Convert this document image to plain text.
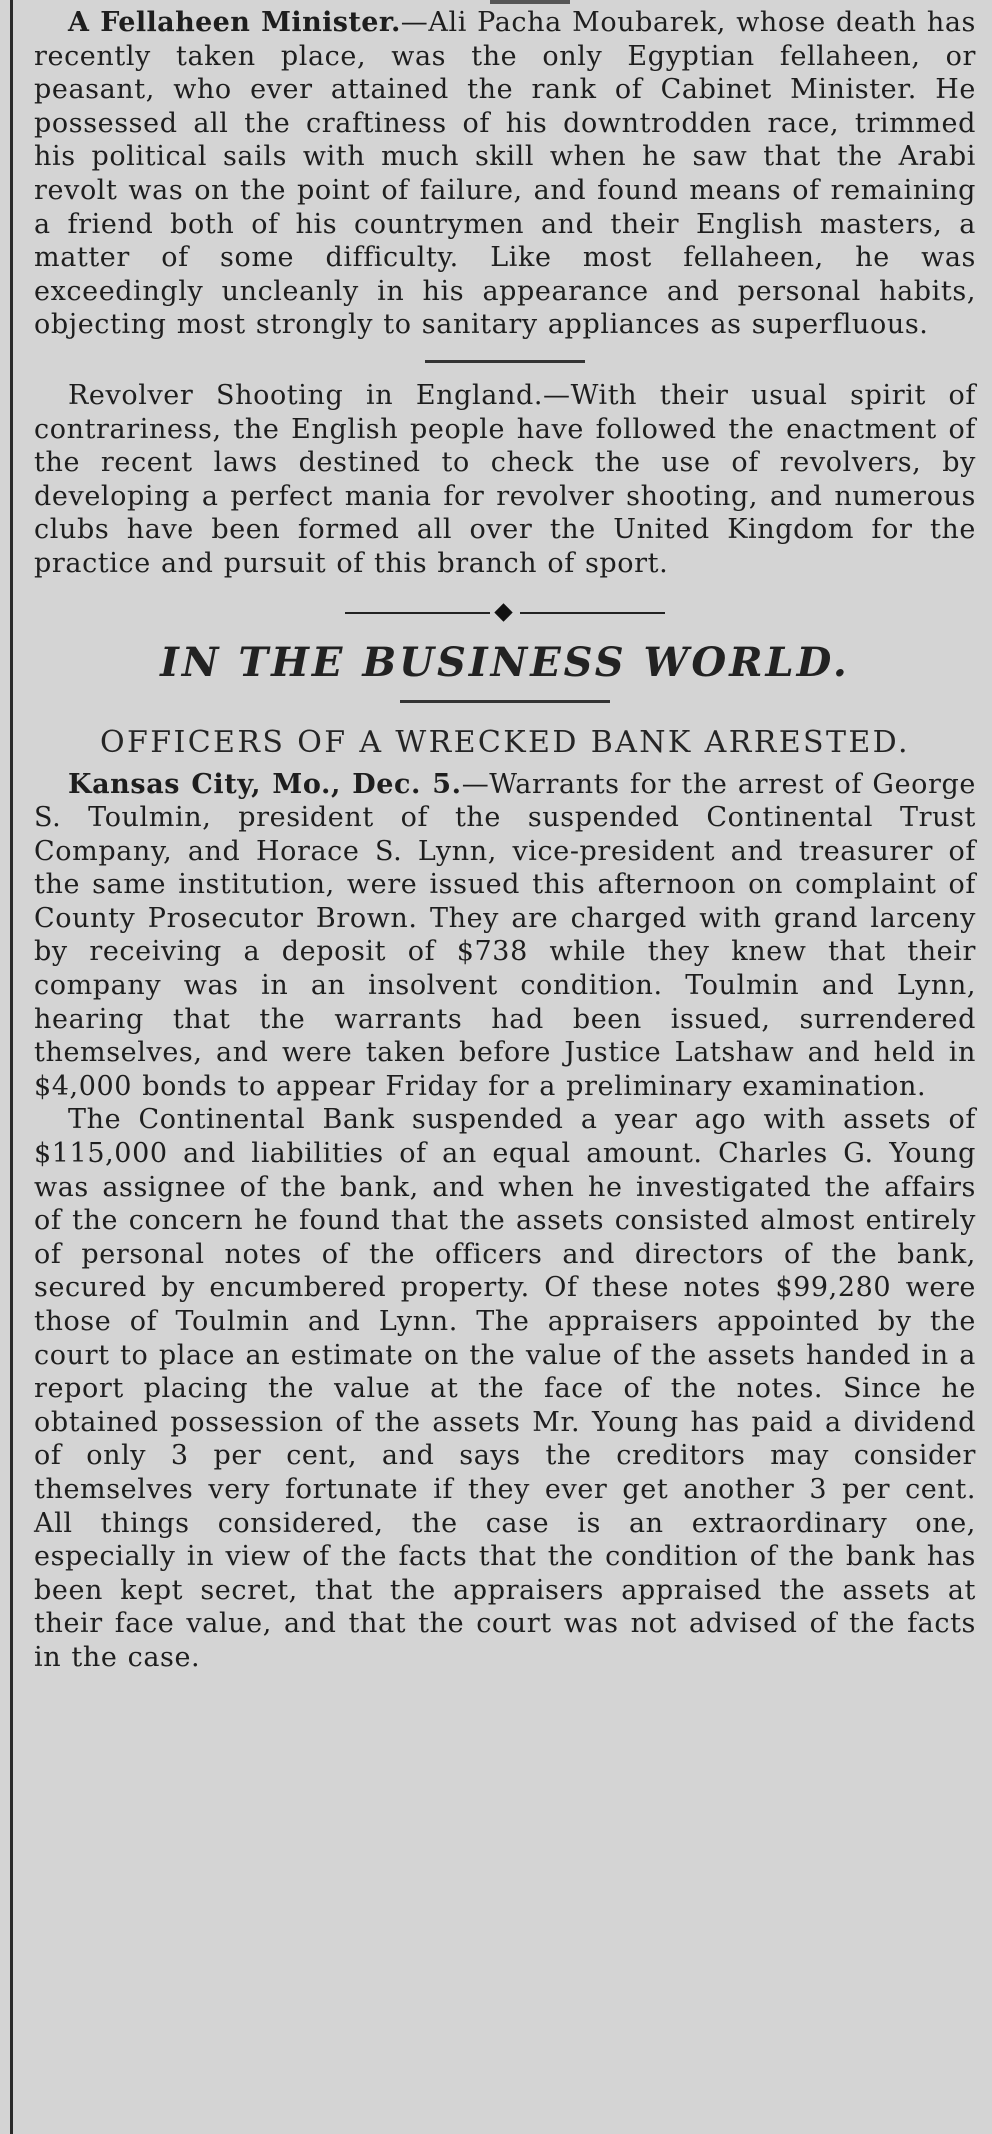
A Fellaheen Minister.—Ali Pacha Moubarek, whose death has recently taken place, was the only Egyptian fellaheen, or peasant, who ever attained the rank of Cabinet Minister. He possessed all the craftiness of his downtrodden race, trimmed his political sails with much skill when he saw that the Arabi revolt was on the point of failure, and found means of remaining a friend both of his countrymen and their English masters, a matter of some difficulty. Like most fellaheen, he was exceedingly uncleanly in his appearance and personal habits, objecting most strongly to sanitary appliances as superfluous.

Revolver Shooting in England.—With their usual spirit of contrariness, the English people have followed the enactment of the recent laws destined to check the use of revolvers, by developing a perfect mania for revolver shooting, and numerous clubs have been formed all over the United Kingdom for the practice and pursuit of this branch of sport.

IN THE BUSINESS WORLD.
OFFICERS OF A WRECKED BANK ARRESTED.

Kansas City, Mo., Dec. 5.—Warrants for the arrest of George S. Toulmin, president of the suspended Continental Trust Company, and Horace S. Lynn, vice-president and treasurer of the same institution, were issued this afternoon on complaint of County Prosecutor Brown. They are charged with grand larceny by receiving a deposit of $738 while they knew that their company was in an insolvent condition. Toulmin and Lynn, hearing that the warrants had been issued, surrendered themselves, and were taken before Justice Latshaw and held in $4,000 bonds to appear Friday for a preliminary examination.

The Continental Bank suspended a year ago with assets of $115,000 and liabilities of an equal amount. Charles G. Young was assignee of the bank, and when he investigated the affairs of the concern he found that the assets consisted almost entirely of personal notes of the officers and directors of the bank, secured by encumbered property. Of these notes $99,280 were those of Toulmin and Lynn. The appraisers appointed by the court to place an estimate on the value of the assets handed in a report placing the value at the face of the notes. Since he obtained possession of the assets Mr. Young has paid a dividend of only 3 per cent, and says the creditors may consider themselves very fortunate if they ever get another 3 per cent. All things considered, the case is an extraordinary one, especially in view of the facts that the condition of the bank has been kept secret, that the appraisers appraised the assets at their face value, and that the court was not advised of the facts in the case.
